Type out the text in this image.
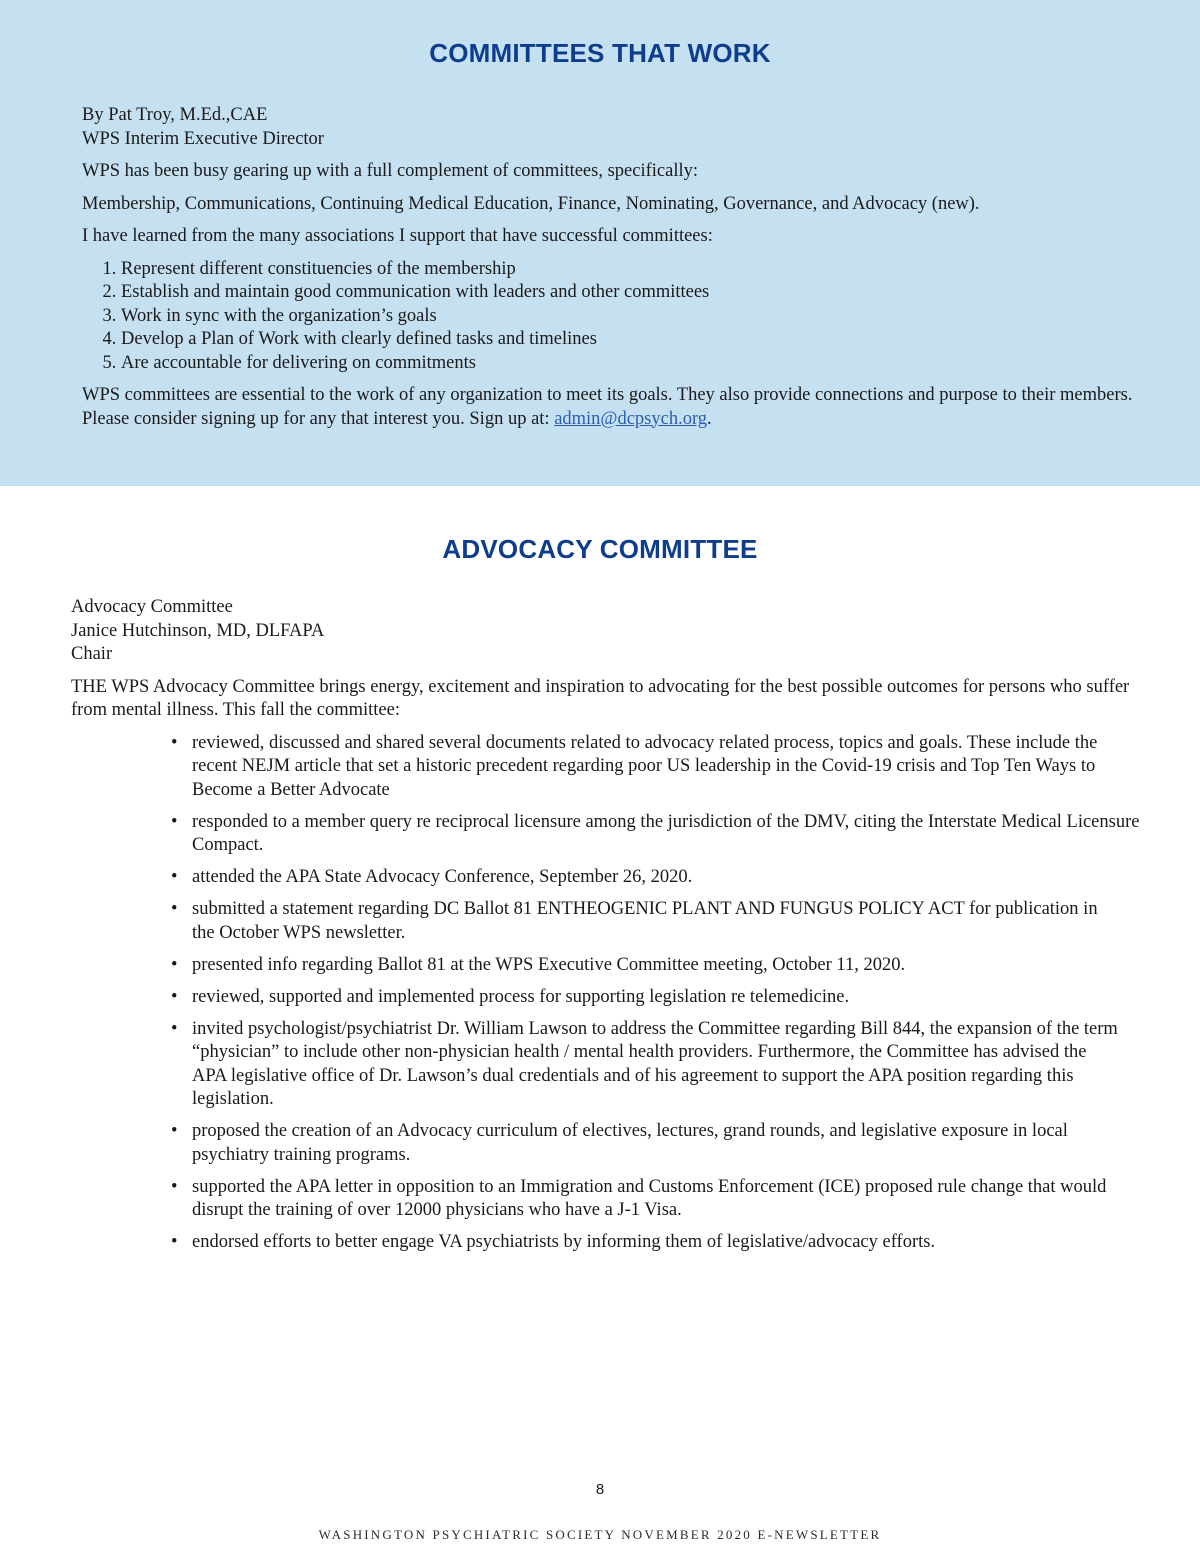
COMMITTEES THAT WORK
By Pat Troy, M.Ed.,CAE
WPS Interim Executive Director

WPS has been busy gearing up with a full complement of committees, specifically:

Membership, Communications, Continuing Medical Education, Finance, Nominating, Governance, and Advocacy (new).

I have learned from the many associations I support that have successful committees:

1. Represent different constituencies of the membership
2. Establish and maintain good communication with leaders and other committees
3. Work in sync with the organization’s goals
4. Develop a Plan of Work with clearly defined tasks and timelines
5. Are accountable for delivering on commitments

WPS committees are essential to the work of any organization to meet its goals. They also provide connections and purpose to their members. Please consider signing up for any that interest you. Sign up at: admin@dcpsych.org.

ADVOCACY COMMITTEE
Advocacy Committee
Janice Hutchinson, MD, DLFAPA
Chair

THE WPS Advocacy Committee brings energy, excitement and inspiration to advocating for the best possible outcomes for persons who suffer from mental illness. This fall the committee:

• reviewed, discussed and shared several documents related to advocacy related process, topics and goals. These include the recent NEJM article that set a historic precedent regarding poor US leadership in the Covid-19 crisis and Top Ten Ways to Become a Better Advocate
• responded to a member query re reciprocal licensure among the jurisdiction of the DMV, citing the Interstate Medical Licensure Compact.
• attended the APA State Advocacy Conference, September 26, 2020.
• submitted a statement regarding DC Ballot 81 ENTHEOGENIC PLANT AND FUNGUS POLICY ACT for publication in the October WPS newsletter.
• presented info regarding Ballot 81 at the WPS Executive Committee meeting, October 11, 2020.
• reviewed, supported and implemented process for supporting legislation re telemedicine.
• invited psychologist/psychiatrist Dr. William Lawson to address the Committee regarding Bill 844, the expansion of the term “physician” to include other non-physician health / mental health providers. Furthermore, the Committee has advised the APA legislative office of Dr. Lawson’s dual credentials and of his agreement to support the APA position regarding this legislation.
• proposed the creation of an Advocacy curriculum of electives, lectures, grand rounds, and legislative exposure in local psychiatry training programs.
• supported the APA letter in opposition to an Immigration and Customs Enforcement (ICE) proposed rule change that would disrupt the training of over 12000 physicians who have a J-1 Visa.
• endorsed efforts to better engage VA psychiatrists by informing them of legislative/advocacy efforts.
8
WASHINGTON PSYCHIATRIC SOCIETY NOVEMBER 2020 E-NEWSLETTER
